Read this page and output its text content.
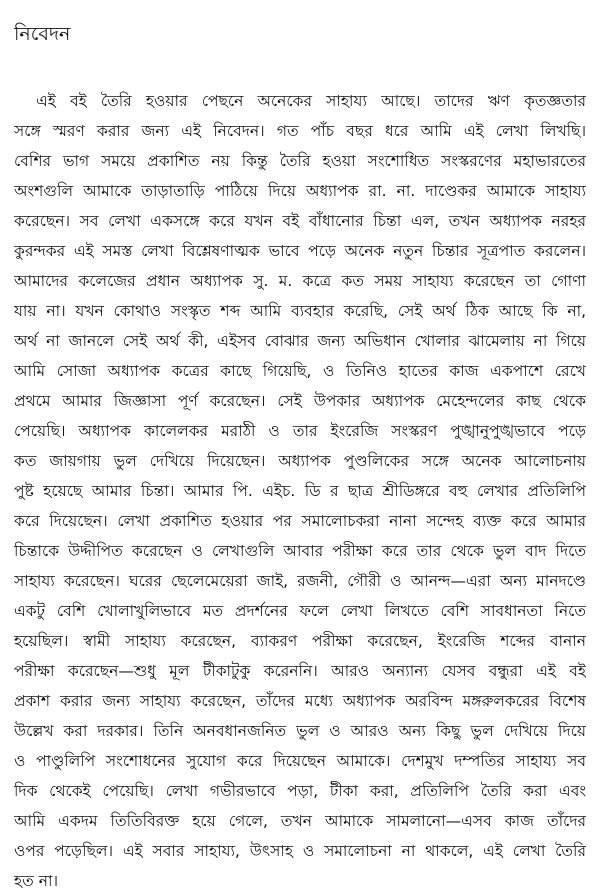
নিবেদন
এই বই তৈরি হওয়ার পেছনে অনেকের সাহায্য আছে। তাদের ঋণ কৃতজ্ঞতার
সঙ্গে স্মরণ করার জন্য এই নিবেদন। গত পাঁচ বছর ধরে আমি এই লেখা লিখছি।
বেশির ভাগ সময়ে প্রকাশিত নয় কিন্তু তৈরি হওয়া সংশোধিত সংস্করণের মহাভারতের
অংশগুলি আমাকে তাড়াতাড়ি পাঠিয়ে দিয়ে অধ্যাপক রা. না. দাণ্ডেকর আমাকে সাহায্য
করেছেন। সব লেখা একসঙ্গে করে যখন বই বাঁধানোর চিন্তা এল, তখন অধ্যাপক নরহর
কুরন্দকর এই সমস্ত লেখা বিশ্লেষণাত্মক ভাবে পড়ে অনেক নতুন চিন্তার সূত্রপাত করলেন।
আমাদের কলেজের প্রধান অধ্যাপক সু. ম. কত্রে কত সময় সাহায্য করেছেন তা গোণা
যায় না। যখন কোথাও সংস্কৃত শব্দ আমি ব্যবহার করেছি, সেই অর্থ ঠিক আছে কি না,
অর্থ না জানলে সেই অর্থ কী, এইসব বোঝার জন্য অভিধান খোলার ঝামেলায় না গিয়ে
আমি সোজা অধ্যাপক কত্রের কাছে গিয়েছি, ও তিনিও হাতের কাজ একপাশে রেখে
প্রথমে আমার জিজ্ঞাসা পূর্ণ করেছেন। সেই উপকার অধ্যাপক মেহেন্দলের কাছ থেকে
পেয়েছি। অধ্যাপক কালেলকর মরাঠী ও তার ইংরেজি সংস্করণ পুঙ্খানুপুঙ্খভাবে পড়ে
কত জায়গায় ভুল দেখিয়ে দিয়েছেন। অধ্যাপক পুণ্ডলিকের সঙ্গে অনেক আলোচনায়
পুষ্ট হয়েছে আমার চিন্তা। আমার পি. এইচ. ডি র ছাত্র শ্রীডিঙ্গরে বহু লেখার প্রতিলিপি
করে দিয়েছেন। লেখা প্রকাশিত হওয়ার পর সমালোচকরা নানা সন্দেহ ব্যক্ত করে আমার
চিন্তাকে উদ্দীপিত করেছেন ও লেখাগুলি আবার পরীক্ষা করে তার থেকে ভুল বাদ দিতে
সাহায্য করেছেন। ঘরের ছেলেমেয়েরা জাই, রজনী, গৌরী ও আনন্দ—এরা অন্য মানদণ্ডে
একটু বেশি খোলাখুলিভাবে মত প্রদর্শনের ফলে লেখা লিখতে বেশি সাবধানতা নিতে
হয়েছিল। স্বামী সাহায্য করেছেন, ব্যাকরণ পরীক্ষা করেছেন, ইংরেজি শব্দের বানান
পরীক্ষা করেছেন—শুধু মূল টীকাটুকু করেননি। আরও অন্যান্য যেসব বন্ধুরা এই বই
প্রকাশ করার জন্য সাহায্য করেছেন, তাঁদের মধ্যে অধ্যাপক অরবিন্দ মঙ্গরুলকরের বিশেষ
উল্লেখ করা দরকার। তিনি অনবধানজনিত ভুল ও আরও অন্য কিছু ভুল দেখিয়ে দিয়ে
ও পাণ্ডুলিপি সংশোধনের সুযোগ করে দিয়েছেন আমাকে। দেশমুখ দম্পতির সাহায্য সব
দিক থেকেই পেয়েছি। লেখা গভীরভাবে পড়া, টীকা করা, প্রতিলিপি তৈরি করা এবং
আমি একদম তিতিবিরক্ত হয়ে গেলে, তখন আমাকে সামলানো—এসব কাজ তাঁদের
ওপর পড়েছিল। এই সবার সাহায্য, উৎসাহ ও সমালোচনা না থাকলে, এই লেখা তৈরি
হত না।
